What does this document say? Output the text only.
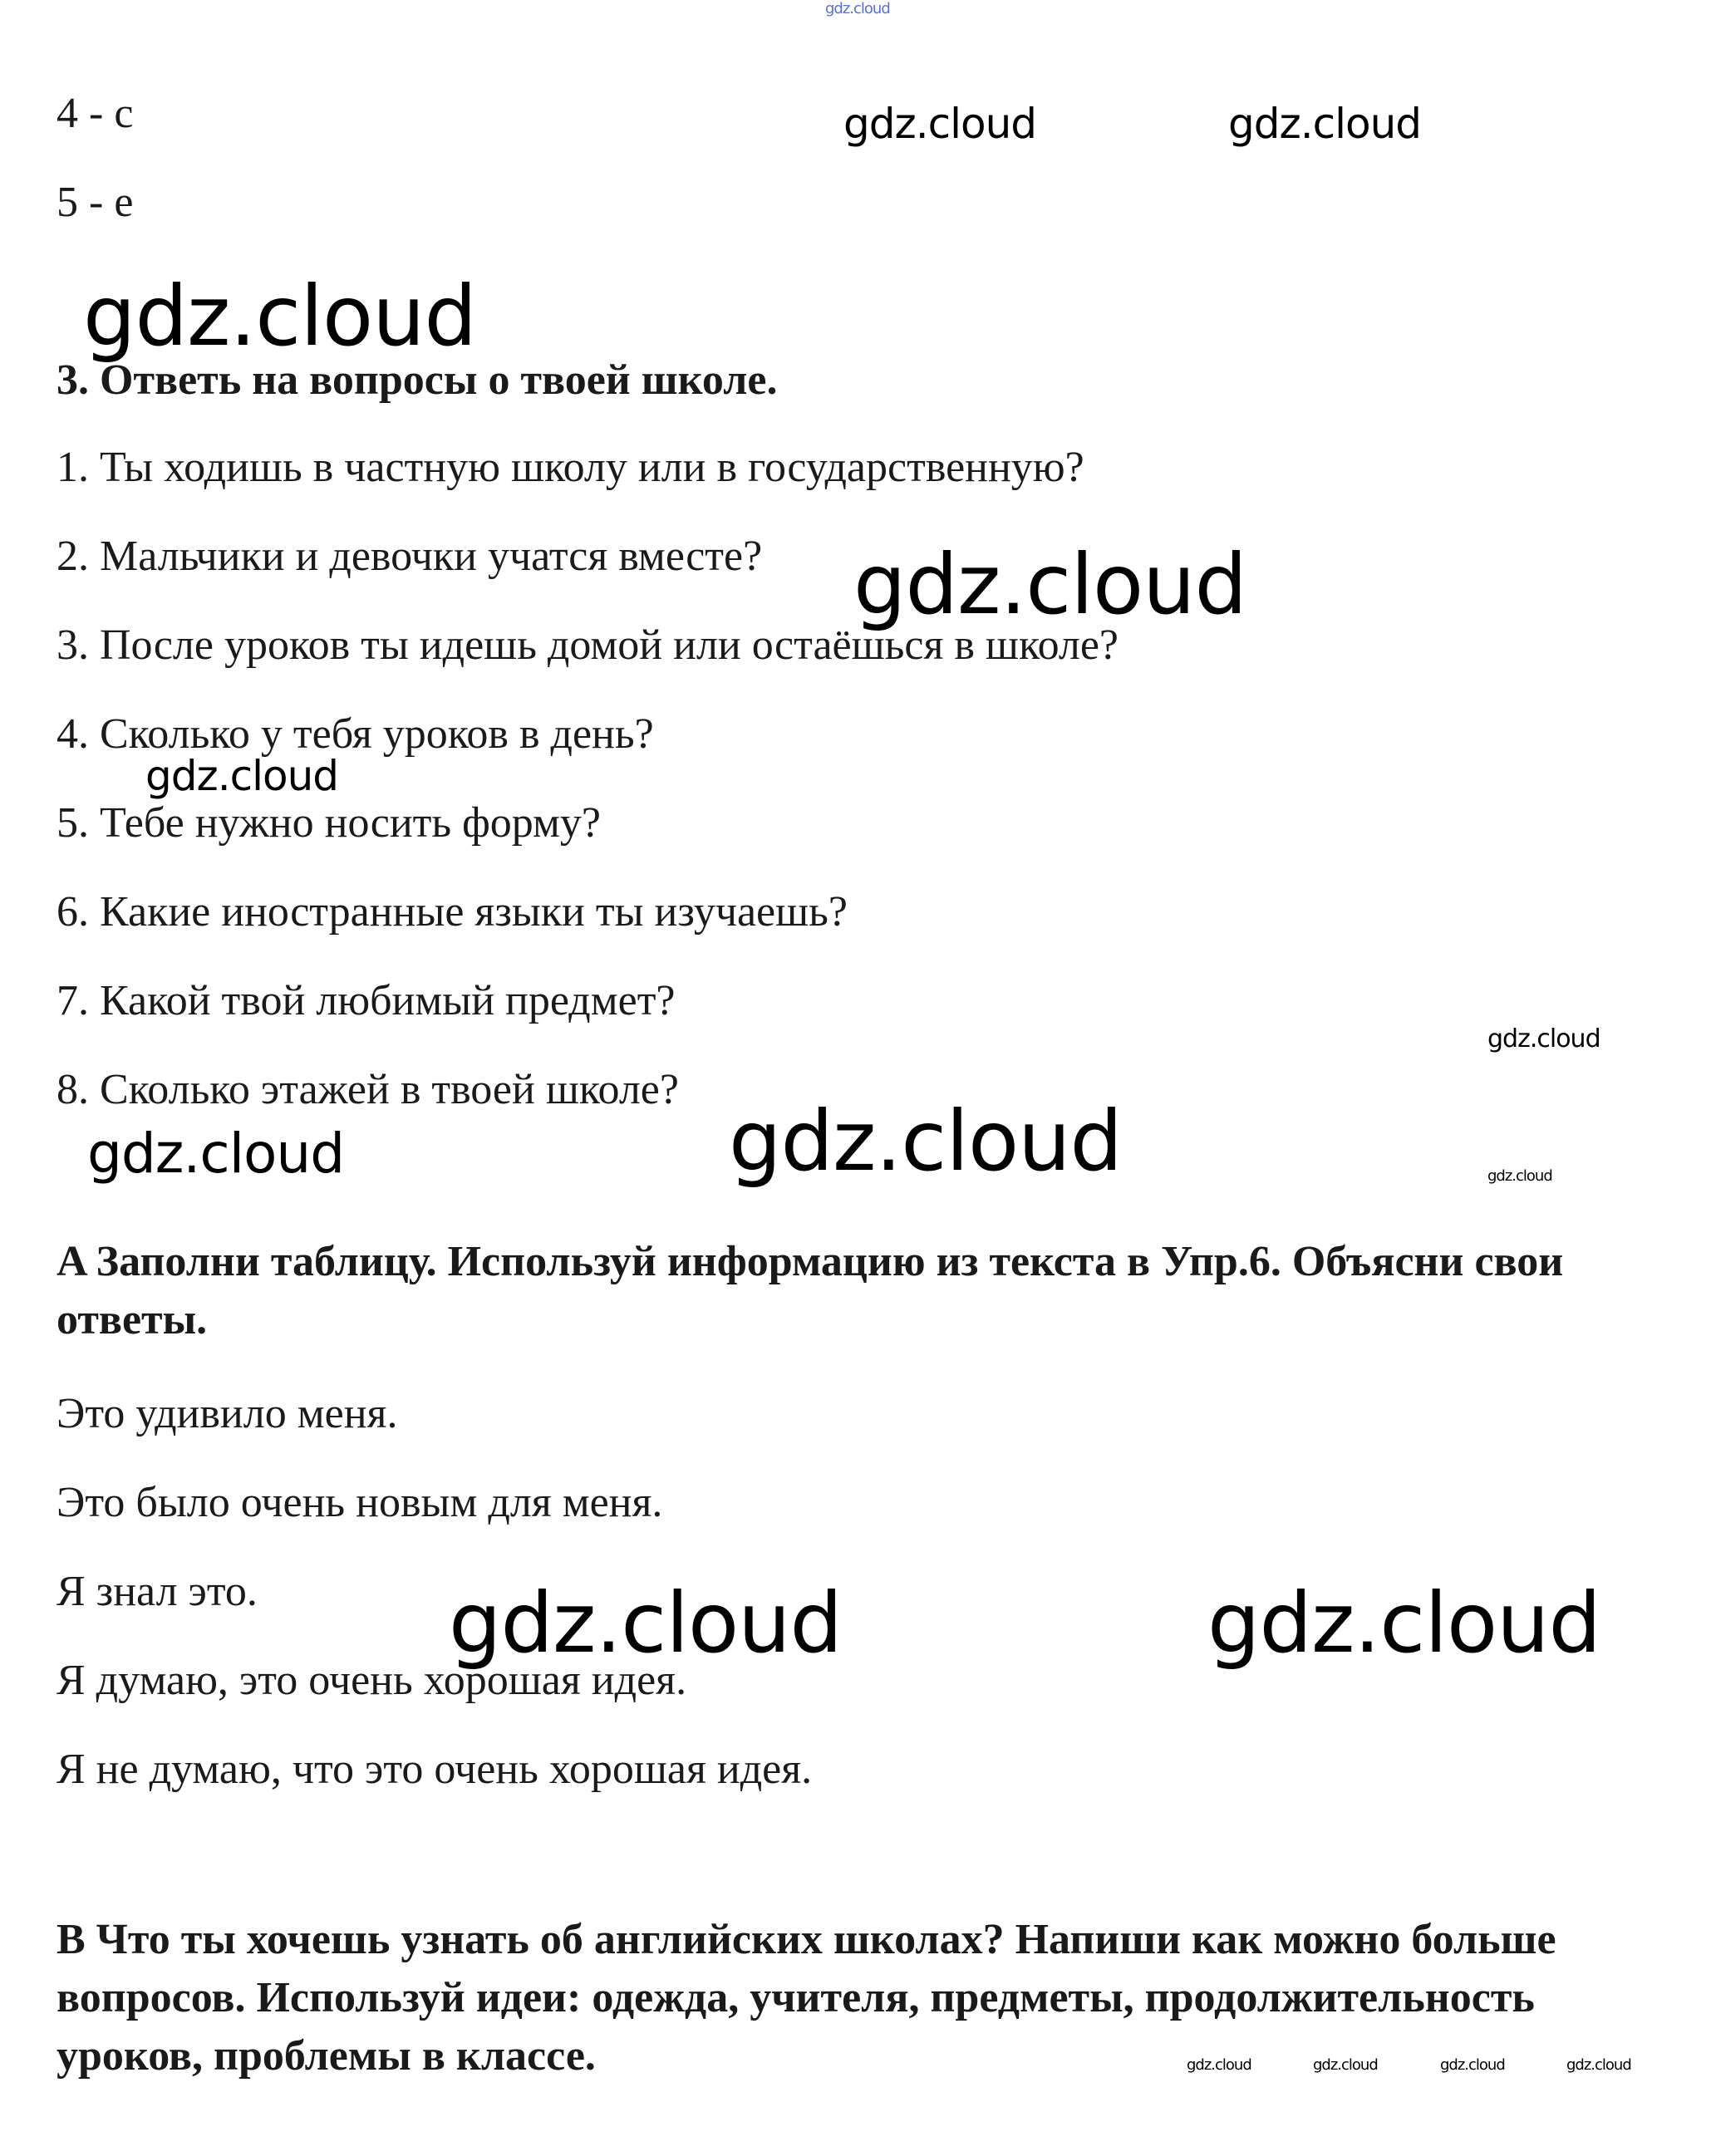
gdz.cloud
4 - c
5 - e
3. Ответь на вопросы о твоей школе.
1. Ты ходишь в частную школу или в государственную?
2. Мальчики и девочки учатся вместе?
3. После уроков ты идешь домой или остаёшься в школе?
4. Сколько у тебя уроков в день?
5. Тебе нужно носить форму?
6. Какие иностранные языки ты изучаешь?
7. Какой твой любимый предмет?
8. Сколько этажей в твоей школе?
A Заполни таблицу. Используй информацию из текста в Упр.6. Объясни свои ответы.
Это удивило меня.
Это было очень новым для меня.
Я знал это.
Я думаю, это очень хорошая идея.
Я не думаю, что это очень хорошая идея.
B Что ты хочешь узнать об английских школах? Напиши как можно больше вопросов. Используй идеи: одежда, учителя, предметы, продолжительность уроков, проблемы в классе.
gdz.cloud	gdz.cloud
gdz.cloud
gdz.cloud
gdz.cloud
gdz.cloud
gdz.cloud	gdz.cloud	gdz.cloud
gdz.cloud	gdz.cloud
gdz.cloud	gdz.cloud	gdz.cloud	gdz.cloud
